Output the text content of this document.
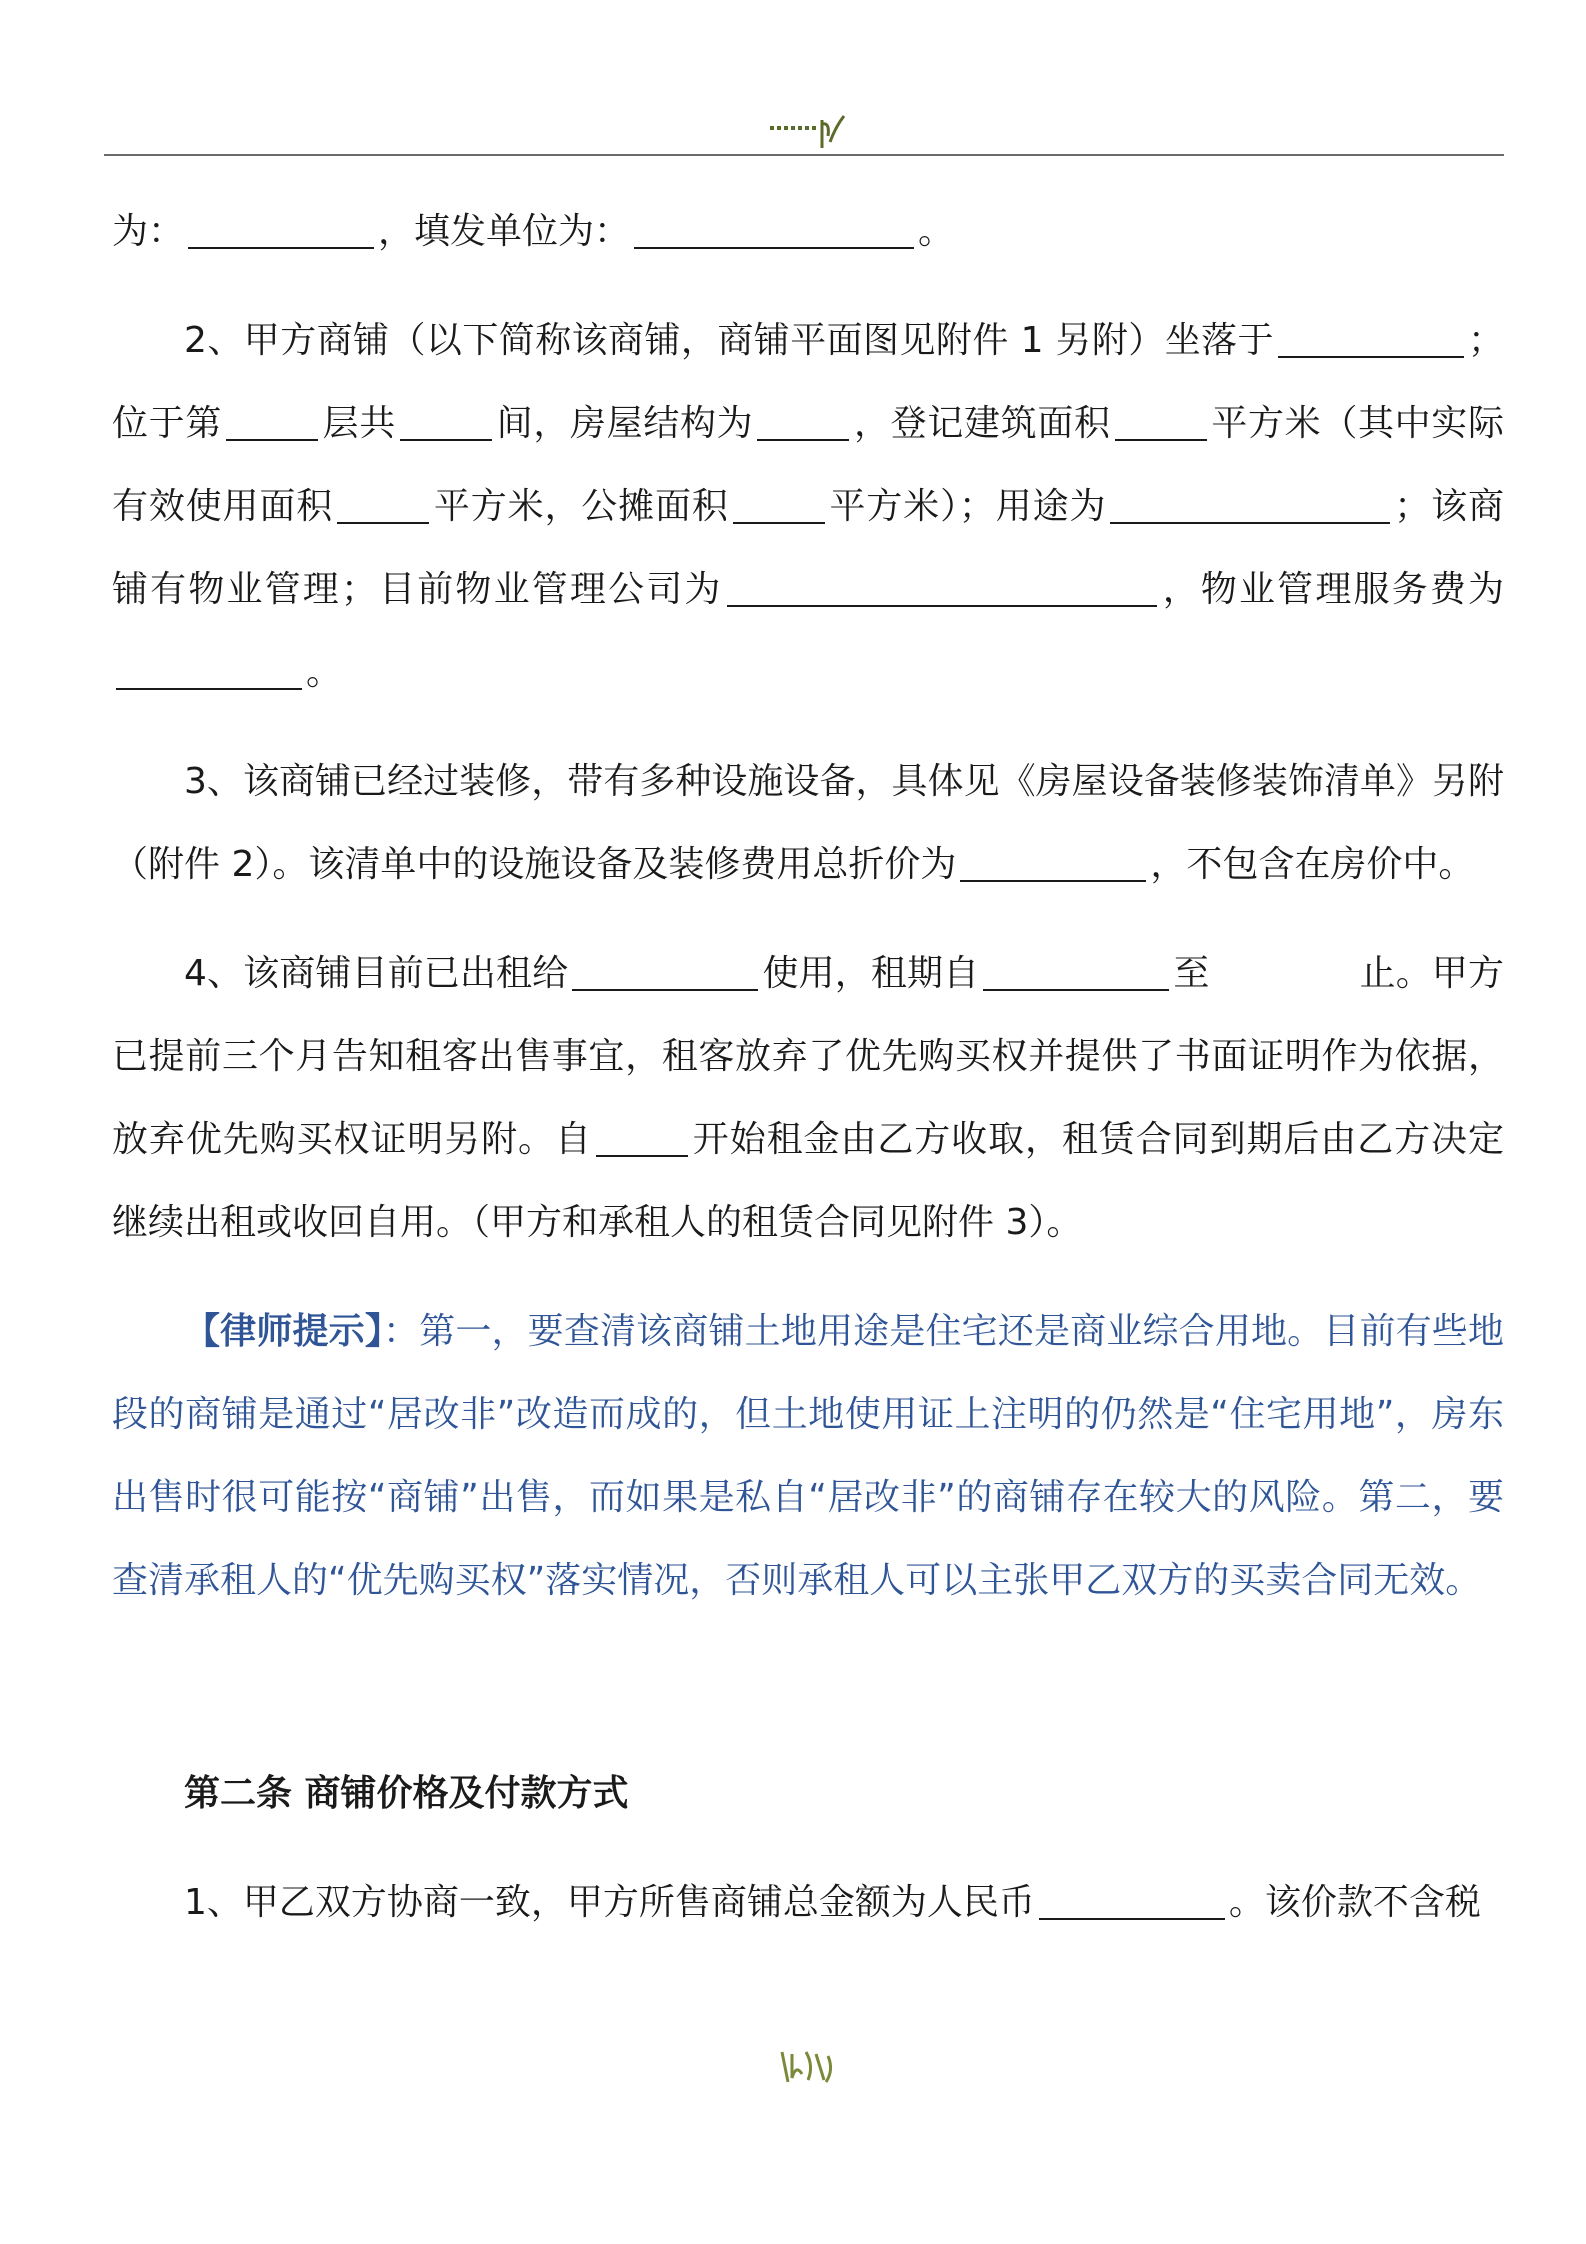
为：	，填发单位为：	。

2、甲方商铺（以下简称该商铺，商铺平面图见附件 1 另附）坐落于	；位于第	层共	间，房屋结构为	，登记建筑面积	平方米（其中实际有效使用面积	平方米，公摊面积	平方米）；用途为	；该商铺有物业管理；目前物业管理公司为	，物业管理服务费为。

3、该商铺已经过装修，带有多种设施设备，具体见《房屋设备装修装饰清单》另附（附件 2）。该清单中的设施设备及装修费用总折价为	，不包含在房价中。

4、该商铺目前已出租给	使用，租期自	至	止。甲方已提前三个月告知租客出售事宜，租客放弃了优先购买权并提供了书面证明作为依据，放弃优先购买权证明另附。自	开始租金由乙方收取，租赁合同到期后由乙方决定继续出租或收回自用。（甲方和承租人的租赁合同见附件 3）。

【律师提示】：第一，要查清该商铺土地用途是住宅还是商业综合用地。目前有些地段的商铺是通过“居改非”改造而成的，但土地使用证上注明的仍然是“住宅用地”，房东出售时很可能按“商铺”出售，而如果是私自“居改非”的商铺存在较大的风险。第二，要查清承租人的“优先购买权”落实情况，否则承租人可以主张甲乙双方的买卖合同无效。

第二条 商铺价格及付款方式

1、甲乙双方协商一致，甲方所售商铺总金额为人民币	。该价款不含税
